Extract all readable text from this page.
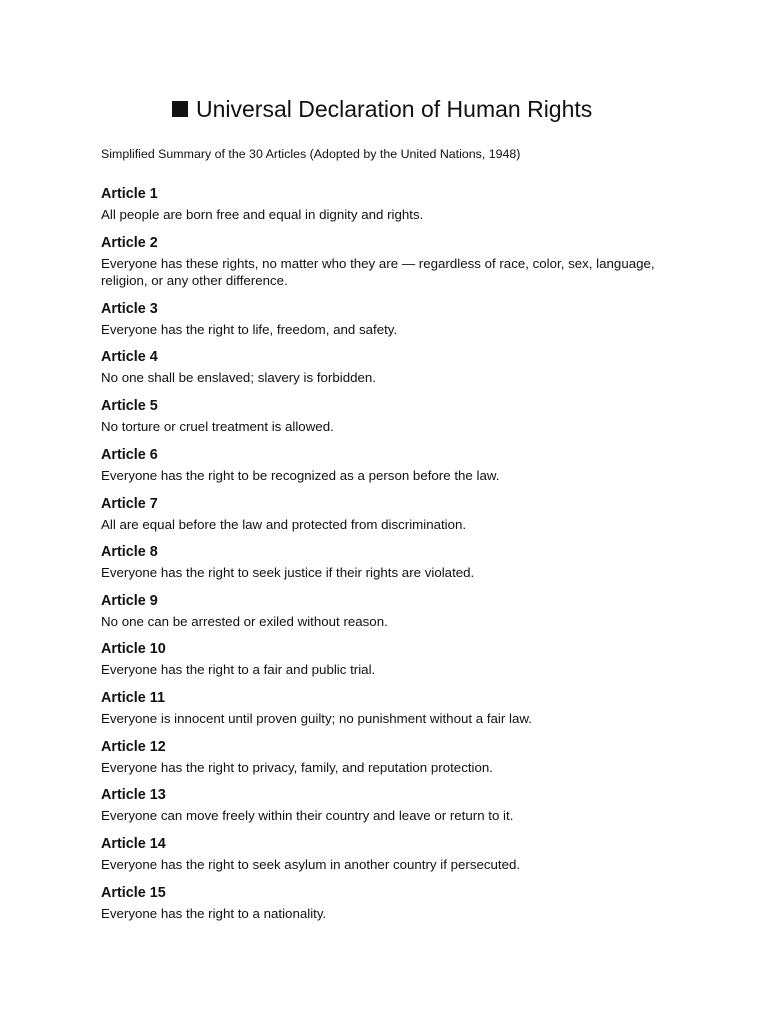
Universal Declaration of Human Rights
Simplified Summary of the 30 Articles (Adopted by the United Nations, 1948)
Article 1
All people are born free and equal in dignity and rights.
Article 2
Everyone has these rights, no matter who they are — regardless of race, color, sex, language, religion, or any other difference.
Article 3
Everyone has the right to life, freedom, and safety.
Article 4
No one shall be enslaved; slavery is forbidden.
Article 5
No torture or cruel treatment is allowed.
Article 6
Everyone has the right to be recognized as a person before the law.
Article 7
All are equal before the law and protected from discrimination.
Article 8
Everyone has the right to seek justice if their rights are violated.
Article 9
No one can be arrested or exiled without reason.
Article 10
Everyone has the right to a fair and public trial.
Article 11
Everyone is innocent until proven guilty; no punishment without a fair law.
Article 12
Everyone has the right to privacy, family, and reputation protection.
Article 13
Everyone can move freely within their country and leave or return to it.
Article 14
Everyone has the right to seek asylum in another country if persecuted.
Article 15
Everyone has the right to a nationality.
